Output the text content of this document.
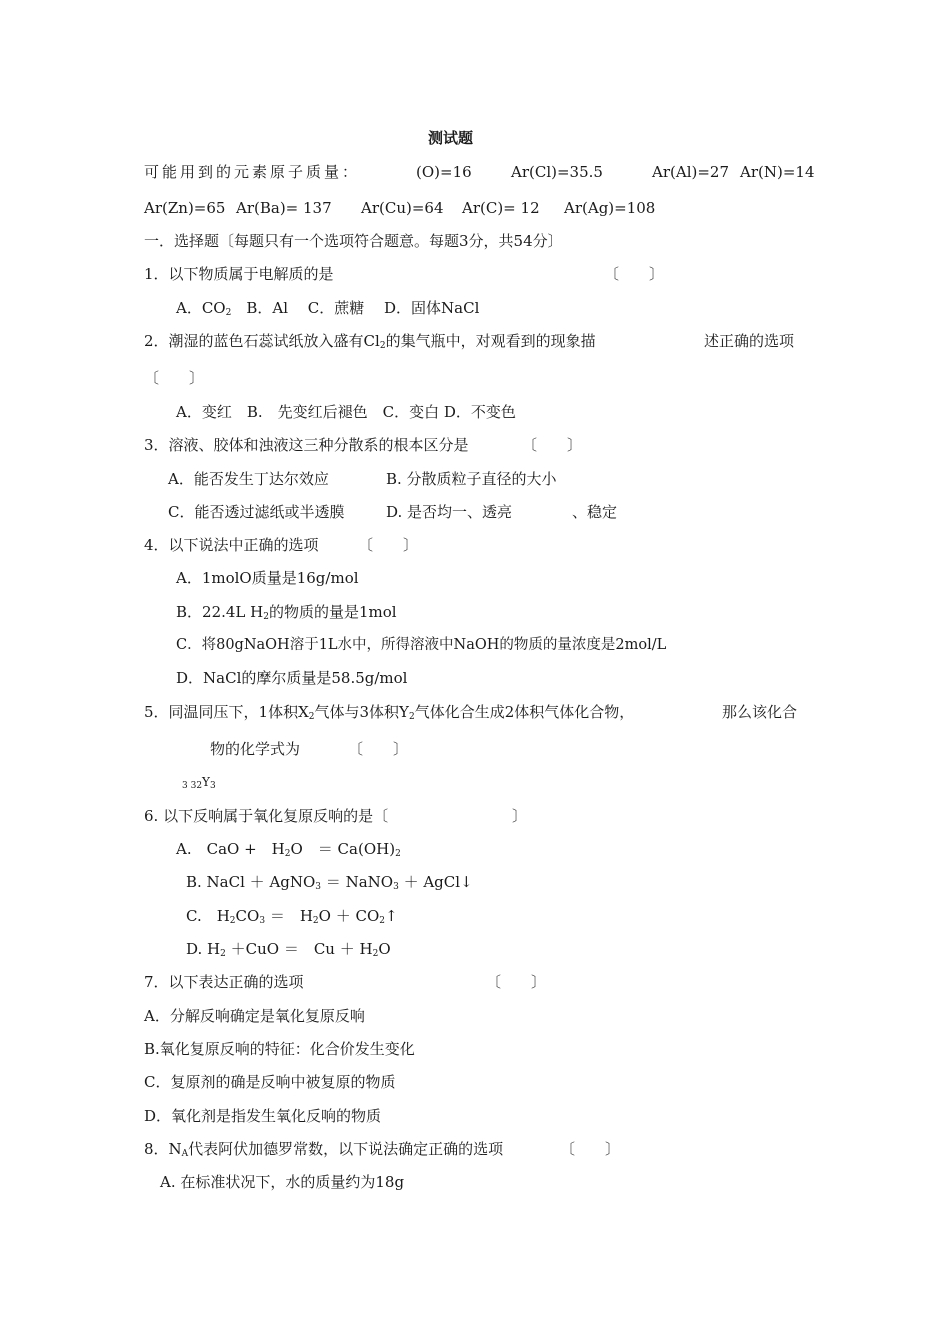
测试题
可能用到的元素原子质量：	(O)=16	Ar(Cl)=35.5	Ar(Al)=27 Ar(N)=14
Ar(Zn)=65 Ar(Ba)= 137 Ar(Cu)=64 Ar(C)= 12 Ar(Ag)=108
一．选择题〔每题只有一个选项符合题意。每题3分，共54分〕
1．以下物质属于电解质的是	〔　　〕
A．$CO_2$　 B．Al　 C．蔗糖　 D．固体NaCl
2．潮湿的蓝色石蕊试纸放入盛有$Cl_2$的集气瓶中，对观看到的现象描	述正确的选项
〔　　〕
A．变红　B.　先变红后褪色　C．变白 D．不变色
3．溶液、胶体和浊液这三种分散系的根本区分是	〔　　〕
A．能否发生丁达尔效应	B. 分散质粒子直径的大小
C．能否透过滤纸或半透膜	D. 是否均一、透亮	、稳定
4．以下说法中正确的选项	〔　　〕
A．1molO质量是16g/mol
B．22.4L $H_2$的物质的量是1mol
C．将80gNaOH溶于1L水中，所得溶液中NaOH的物质的量浓度是2mol/L
D．NaCl的摩尔质量是58.5g/mol
5．同温同压下，1体积$X_2$气体与3体积$Y_2$气体化合生成2体积气体化合物，	那么该化合
物的化学式为	〔　　〕
$_{3 32}Y_3$
6. 以下反响属于氧化复原反响的是〔	〕
A.　CaO +　$H_2O$　＝ $Ca(OH)_2$
B. NaCl ＋ AgNO$_3$ ＝ NaNO$_3$ ＋ AgCl↓
C.　$H_2CO_3$ ＝　$H_2O$ ＋ $CO_2↑$
D. $H_2 +CuO$ ＝　$Cu + H_2O$
7．以下表达正确的选项	〔　　〕
A．分解反响确定是氧化复原反响
B.氧化复原反响的特征：化合价发生变化
C．复原剂的确是反响中被复原的物质
D．氧化剂是指发生氧化反响的物质
8．$N_A$代表阿伏加德罗常数，以下说法确定正确的选项	〔　　〕
A. 在标准状况下，水的质量约为18g
